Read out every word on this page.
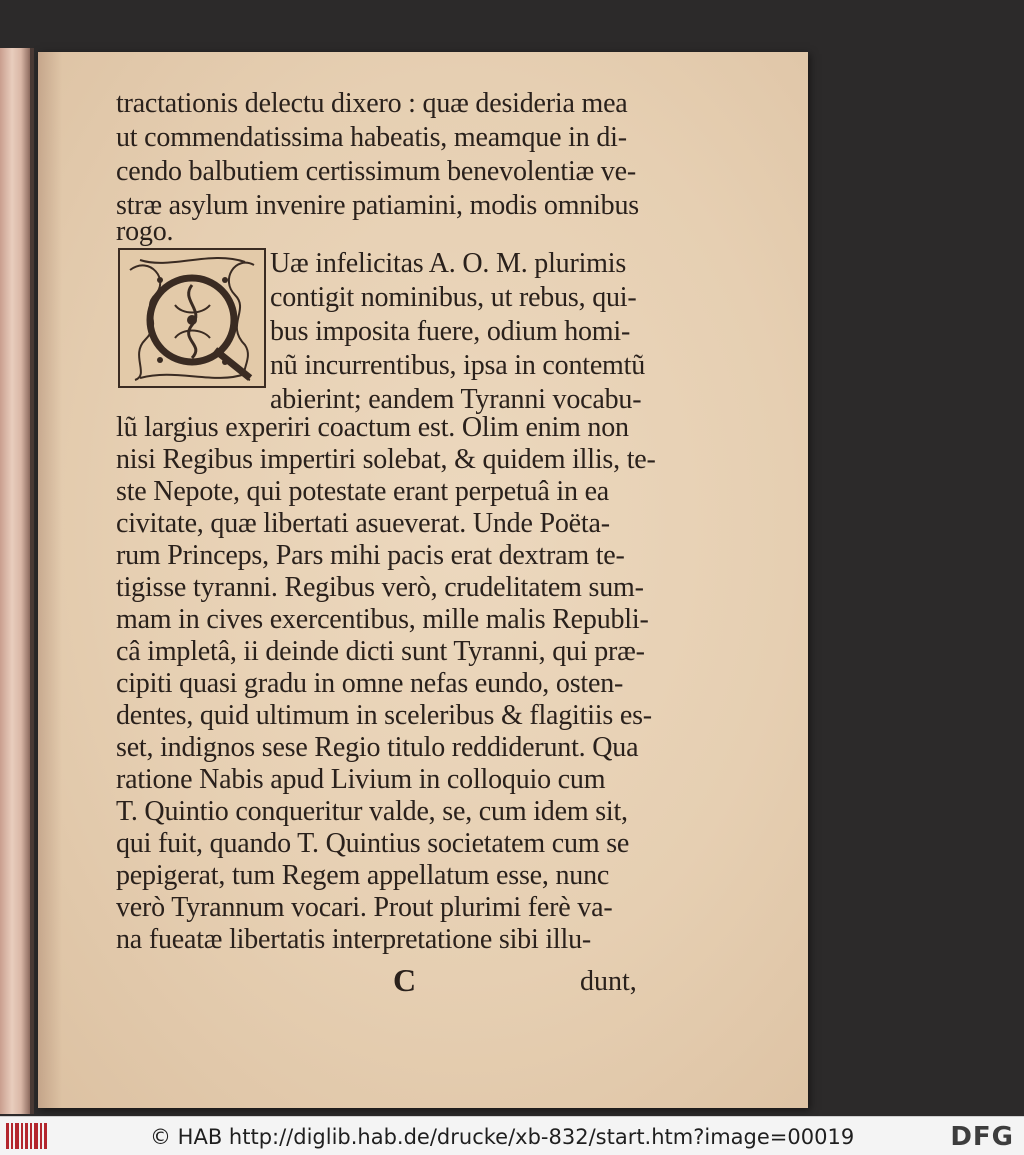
tractationis delectu dixero : quæ desideria mea
ut commendatissima habeatis, meamque in di-
cendo balbutiem certissimum benevolentiæ ve-
stræ asylum invenire patiamini, modis omnibus
rogo.
Uæ infelicitas A. O. M. plurimis
contigit nominibus, ut rebus, qui-
bus imposita fuere, odium homi-
nũ incurrentibus, ipsa in contemtũ
abierint; eandem Tyranni vocabu-
lũ largius experiri coactum est. Olim enim non
nisi Regibus impertiri solebat, & quidem illis, te-
ste Nepote, qui potestate erant perpetuâ in ea
civitate, quæ libertati asueverat. Unde Poëta-
rum Princeps, Pars mihi pacis erat dextram te-
tigisse tyranni. Regibus verò, crudelitatem sum-
mam in cives exercentibus, mille malis Republi-
câ impletâ, ii deinde dicti sunt Tyranni, qui præ-
cipiti quasi gradu in omne nefas eundo, osten-
dentes, quid ultimum in sceleribus & flagitiis es-
set, indignos sese Regio titulo reddiderunt. Qua
ratione Nabis apud Livium in colloquio cum
T. Quintio conqueritur valde, se, cum idem sit,
qui fuit, quando T. Quintius societatem cum se
pepigerat, tum Regem appellatum esse, nunc
verò Tyrannum vocari. Prout plurimi ferè va-
na fueatæ libertatis interpretatione sibi illu-
C	dunt,
© HAB http://diglib.hab.de/drucke/xb-832/start.htm?image=00019	DFG
